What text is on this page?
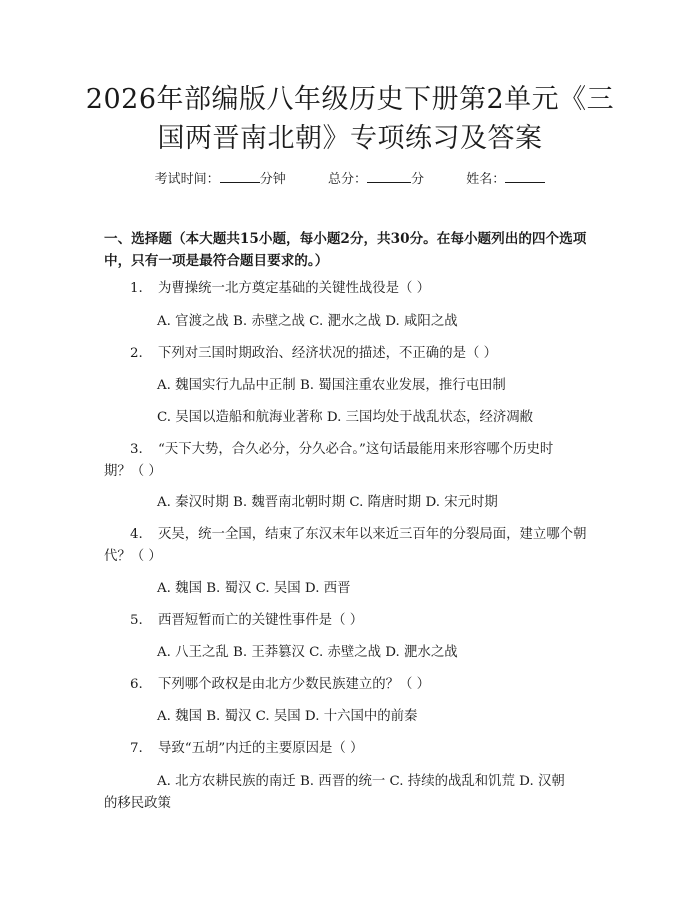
2026年部编版八年级历史下册第2单元《三
国两晋南北朝》专项练习及答案
考试时间：	分钟	总分：	分	姓名：
一、选择题（本大题共15小题，每小题2分，共30分。在每小题列出的四个选项中，只有一项是最符合题目要求的。）
1. 为曹操统一北方奠定基础的关键性战役是（ ）
A. 官渡之战 B. 赤壁之战 C. 淝水之战 D. 咸阳之战
2. 下列对三国时期政治、经济状况的描述，不正确的是（ ）
A. 魏国实行九品中正制 B. 蜀国注重农业发展，推行屯田制
C. 吴国以造船和航海业著称 D. 三国均处于战乱状态，经济凋敝
3. “天下大势，合久必分，分久必合。”这句话最能用来形容哪个历史时
期？（ ）
A. 秦汉时期 B. 魏晋南北朝时期 C. 隋唐时期 D. 宋元时期
4. 灭吴，统一全国，结束了东汉末年以来近三百年的分裂局面，建立哪个朝
代？（ ）
A. 魏国 B. 蜀汉 C. 吴国 D. 西晋
5. 西晋短暂而亡的关键性事件是（ ）
A. 八王之乱 B. 王莽篡汉 C. 赤壁之战 D. 淝水之战
6. 下列哪个政权是由北方少数民族建立的？（ ）
A. 魏国 B. 蜀汉 C. 吴国 D. 十六国中的前秦
7. 导致“五胡”内迁的主要原因是（ ）
A. 北方农耕民族的南迁 B. 西晋的统一 C. 持续的战乱和饥荒 D. 汉朝
的移民政策
